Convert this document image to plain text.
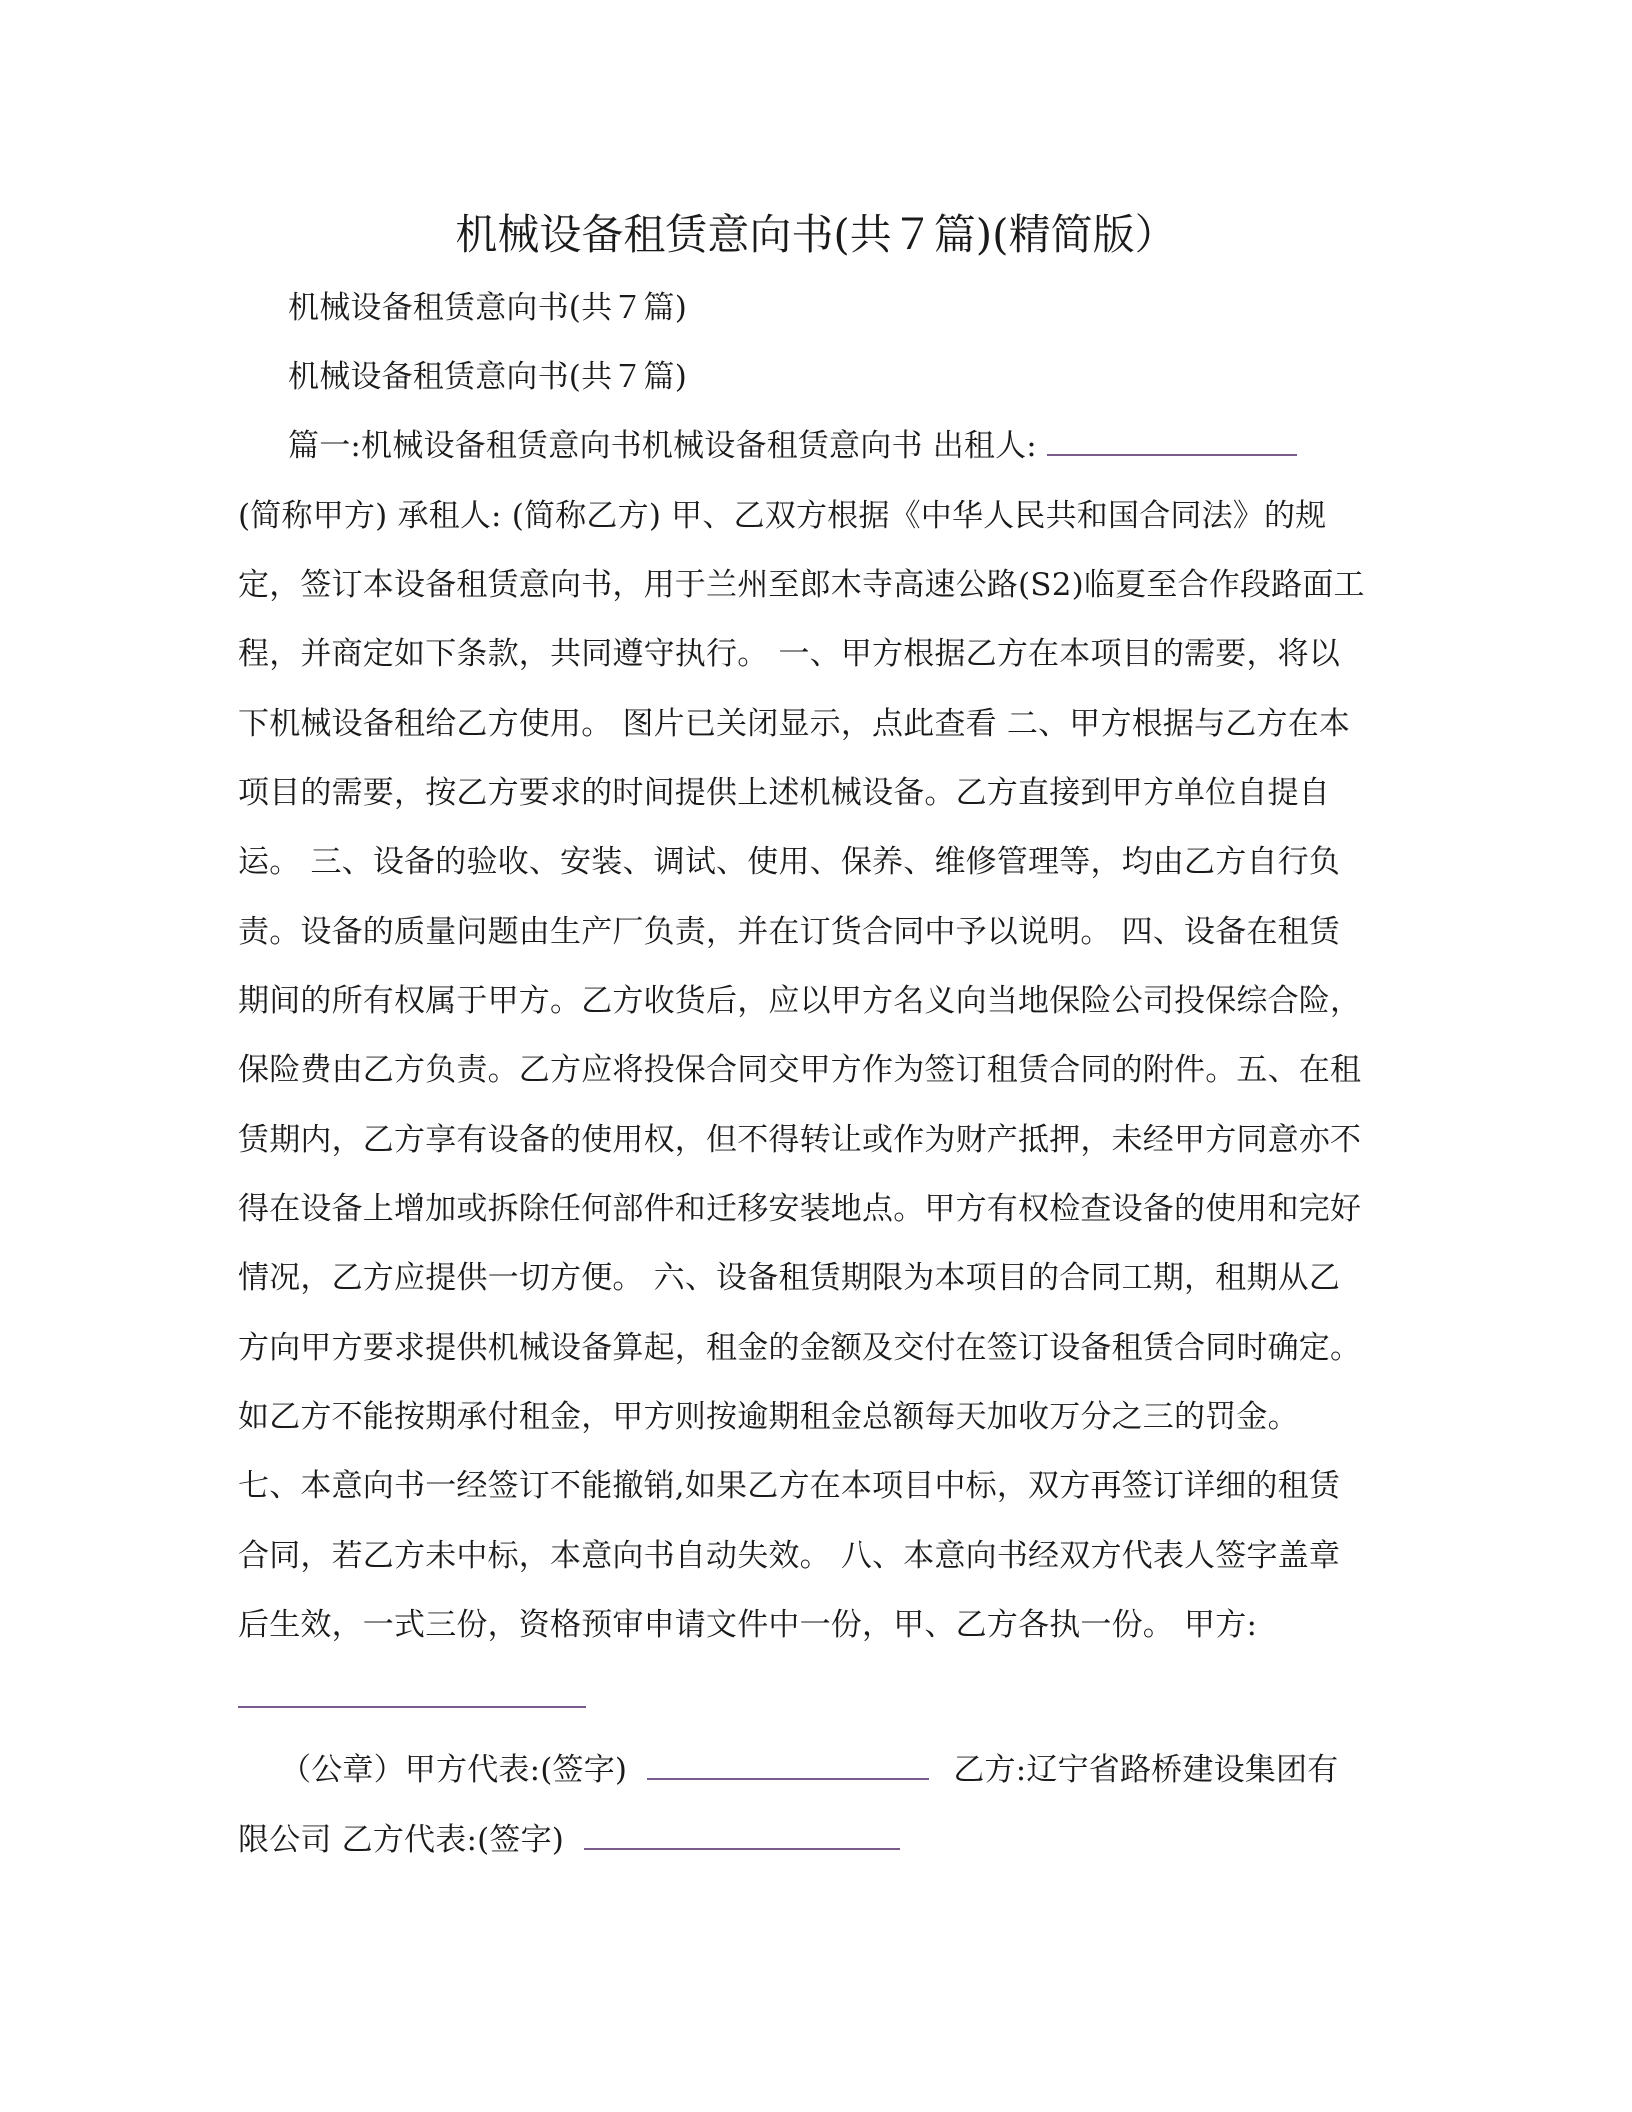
机械设备租赁意向书(共７篇)(精简版）
机械设备租赁意向书(共７篇)
机械设备租赁意向书(共７篇)
篇一:机械设备租赁意向书机械设备租赁意向书 出租人:
(简称甲方) 承租人: (简称乙方) 甲、乙双方根据《中华人民共和国合同法》的规
定，签订本设备租赁意向书，用于兰州至郎木寺高速公路(S2)临夏至合作段路面工
程，并商定如下条款，共同遵守执行。 一、甲方根据乙方在本项目的需要，将以
下机械设备租给乙方使用。 图片已关闭显示，点此查看 二、甲方根据与乙方在本
项目的需要，按乙方要求的时间提供上述机械设备。乙方直接到甲方单位自提自
运。 三、设备的验收、安装、调试、使用、保养、维修管理等，均由乙方自行负
责。设备的质量问题由生产厂负责，并在订货合同中予以说明。 四、设备在租赁
期间的所有权属于甲方。乙方收货后，应以甲方名义向当地保险公司投保综合险，
保险费由乙方负责。乙方应将投保合同交甲方作为签订租赁合同的附件。五、在租
赁期内，乙方享有设备的使用权，但不得转让或作为财产抵押，未经甲方同意亦不
得在设备上增加或拆除任何部件和迁移安装地点。甲方有权检查设备的使用和完好
情况，乙方应提供一切方便。 六、设备租赁期限为本项目的合同工期，租期从乙
方向甲方要求提供机械设备算起，租金的金额及交付在签订设备租赁合同时确定。
如乙方不能按期承付租金，甲方则按逾期租金总额每天加收万分之三的罚金。
七、本意向书一经签订不能撤销,如果乙方在本项目中标，双方再签订详细的租赁
合同，若乙方未中标，本意向书自动失效。 八、本意向书经双方代表人签字盖章
后生效，一式三份，资格预审申请文件中一份，甲、乙方各执一份。 甲方:
（公章）甲方代表:(签字)	乙方:辽宁省路桥建设集团有
限公司 乙方代表:(签字)
